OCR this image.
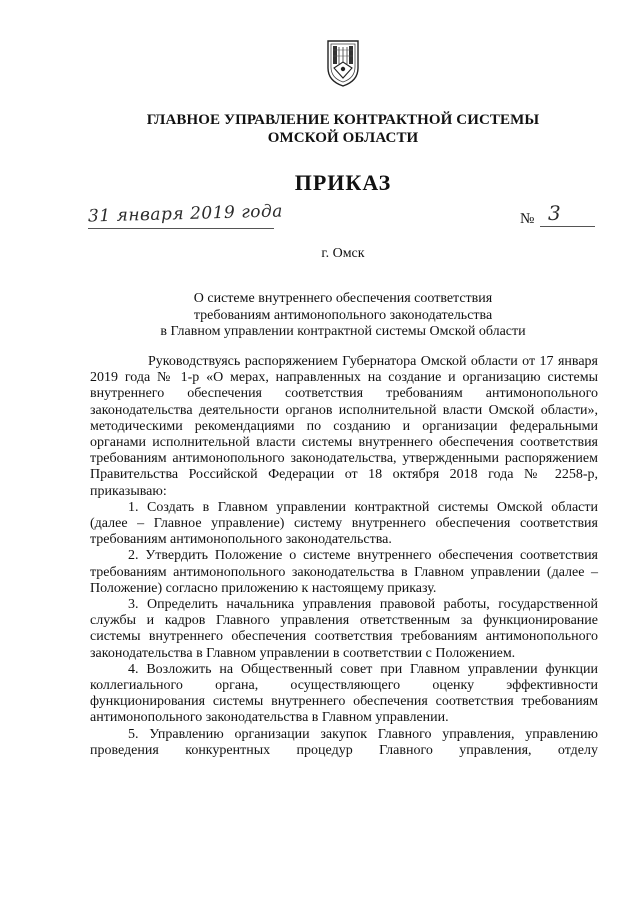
ГЛАВНОЕ УПРАВЛЕНИЕ КОНТРАКТНОЙ СИСТЕМЫ
ОМСКОЙ ОБЛАСТИ
ПРИКАЗ
31 января 2019 года	№ 3
г. Омск
О системе внутреннего обеспечения соответствия
требованиям антимонопольного законодательства
в Главном управлении контрактной системы Омской области

Руководствуясь распоряжением Губернатора Омской области от 17 января 2019 года № 1-р «О мерах, направленных на создание и организацию системы внутреннего обеспечения соответствия требованиям антимонопольного законодательства деятельности органов исполнительной власти Омской области», методическими рекомендациями по созданию и организации федеральными органами исполнительной власти системы внутреннего обеспечения соответствия требованиям антимонопольного законодательства, утвержденными распоряжением Правительства Российской Федерации от 18 октября 2018 года № 2258-р, приказываю:

1. Создать в Главном управлении контрактной системы Омской области (далее – Главное управление) систему внутреннего обеспечения соответствия требованиям антимонопольного законодательства.

2. Утвердить Положение о системе внутреннего обеспечения соответствия требованиям антимонопольного законодательства в Главном управлении (далее – Положение) согласно приложению к настоящему приказу.

3. Определить начальника управления правовой работы, государственной службы и кадров Главного управления ответственным за функционирование системы внутреннего обеспечения соответствия требованиям антимонопольного законодательства в Главном управлении в соответствии с Положением.

4. Возложить на Общественный совет при Главном управлении функции коллегиального органа, осуществляющего оценку эффективности функционирования системы внутреннего обеспечения соответствия требованиям антимонопольного законодательства в Главном управлении.

5. Управлению организации закупок Главного управления, управлению проведения конкурентных процедур Главного управления, отделу
